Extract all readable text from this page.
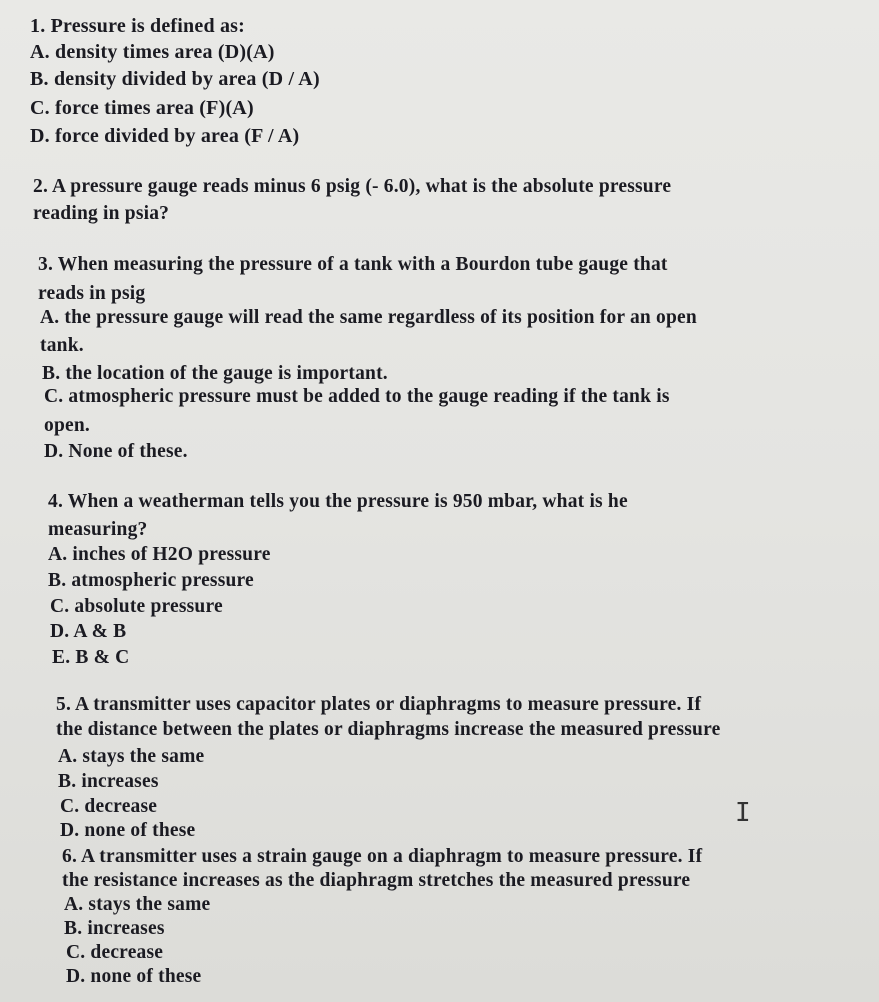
1. Pressure is defined as:
A. density times area (D)(A)
B. density divided by area (D / A)
C. force times area (F)(A)
D. force divided by area (F / A)
2. A pressure gauge reads minus 6 psig (- 6.0), what is the absolute pressure
reading in psia?
3. When measuring the pressure of a tank with a Bourdon tube gauge that
reads in psig
A. the pressure gauge will read the same regardless of its position for an open
tank.
B. the location of the gauge is important.
C. atmospheric pressure must be added to the gauge reading if the tank is
open.
D. None of these.
4. When a weatherman tells you the pressure is 950 mbar, what is he
measuring?
A. inches of H2O pressure
B. atmospheric pressure
C. absolute pressure
D. A & B
E. B & C
5. A transmitter uses capacitor plates or diaphragms to measure pressure. If
the distance between the plates or diaphragms increase the measured pressure
A. stays the same
B. increases
C. decrease
D. none of these
6. A transmitter uses a strain gauge on a diaphragm to measure pressure. If
the resistance increases as the diaphragm stretches the measured pressure
A. stays the same
B. increases
C. decrease
D. none of these
I
